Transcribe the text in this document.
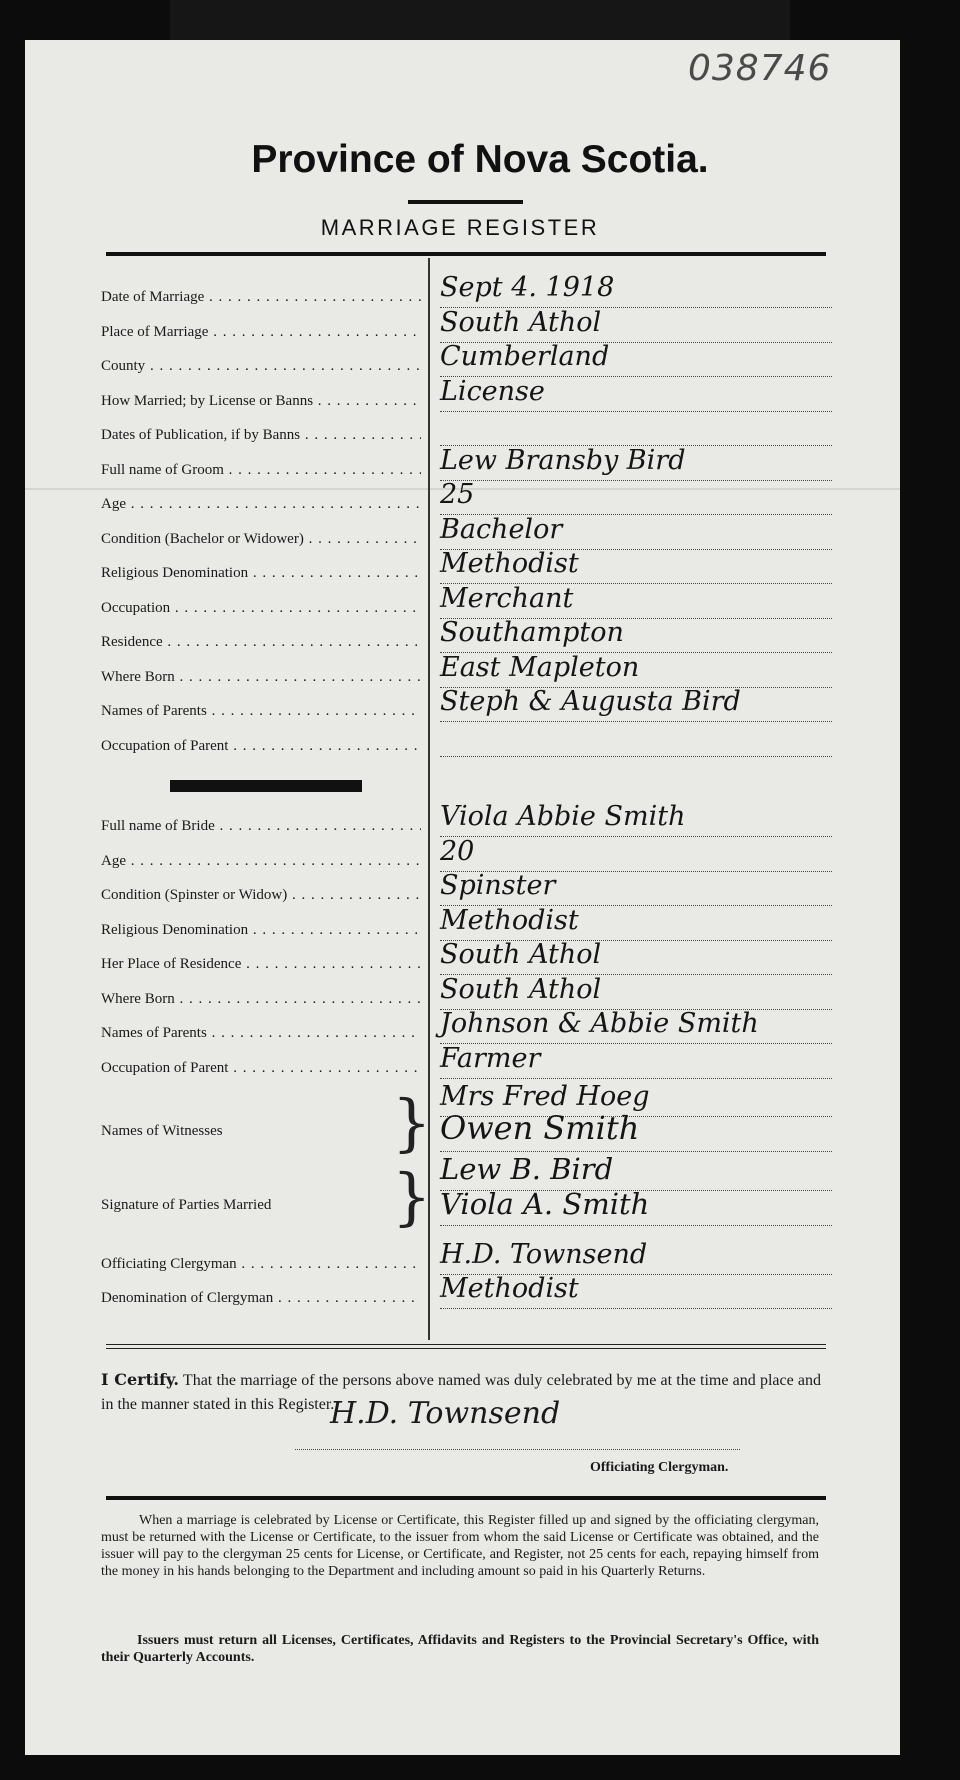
038746
Province of Nova Scotia.
MARRIAGE REGISTER
Date of Marriage . . .	Sept 4. 1918
Place of Marriage . . .	South Athol
County . . .	Cumberland
How Married; by License or Banns . . .	License
Dates of Publication, if by Banns . . .
Full name of Groom . . .	Lew Bransby Bird
Age . . .	25
Condition (Bachelor or Widower) . . .	Bachelor
Religious Denomination . . .	Methodist
Occupation . . .	Merchant
Residence . . .	Southampton
Where Born . . .	East Mapleton
Names of Parents . . .	Steph & Augusta Bird
Occupation of Parent . . .
Full name of Bride . . .	Viola Abbie Smith
Age . . .	20
Condition (Spinster or Widow) . . .	Spinster
Religious Denomination . . .	Methodist
Her Place of Residence . . .	South Athol
Where Born . . .	South Athol
Names of Parents . . .	Johnson & Abbie Smith
Occupation of Parent . . .	Farmer
Names of Witnesses	} Mrs Fred Hoeg
Owen Smith
Signature of Parties Married } Lew B. Bird
Viola A. Smith
Officiating Clergyman . . .	H.D. Townsend
Denomination of Clergyman . . .	Methodist
I Certify. That the marriage of the persons above named was duly celebrated by me at the time and place and in the manner stated in this Register.
H.D. Townsend
Officiating Clergyman.
When a marriage is celebrated by License or Certificate, this Register filled up and signed by the officiating clergyman, must be returned with the License or Certificate, to the issuer from whom the said License or Certificate was obtained, and the issuer will pay to the clergyman 25 cents for License, or Certificate, and Register, not 25 cents for each, repaying himself from the money in his hands belonging to the Department and including amount so paid in his Quarterly Returns.
Issuers must return all Licenses, Certificates, Affidavits and Registers to the Provincial Secretary's Office, with their Quarterly Accounts.
